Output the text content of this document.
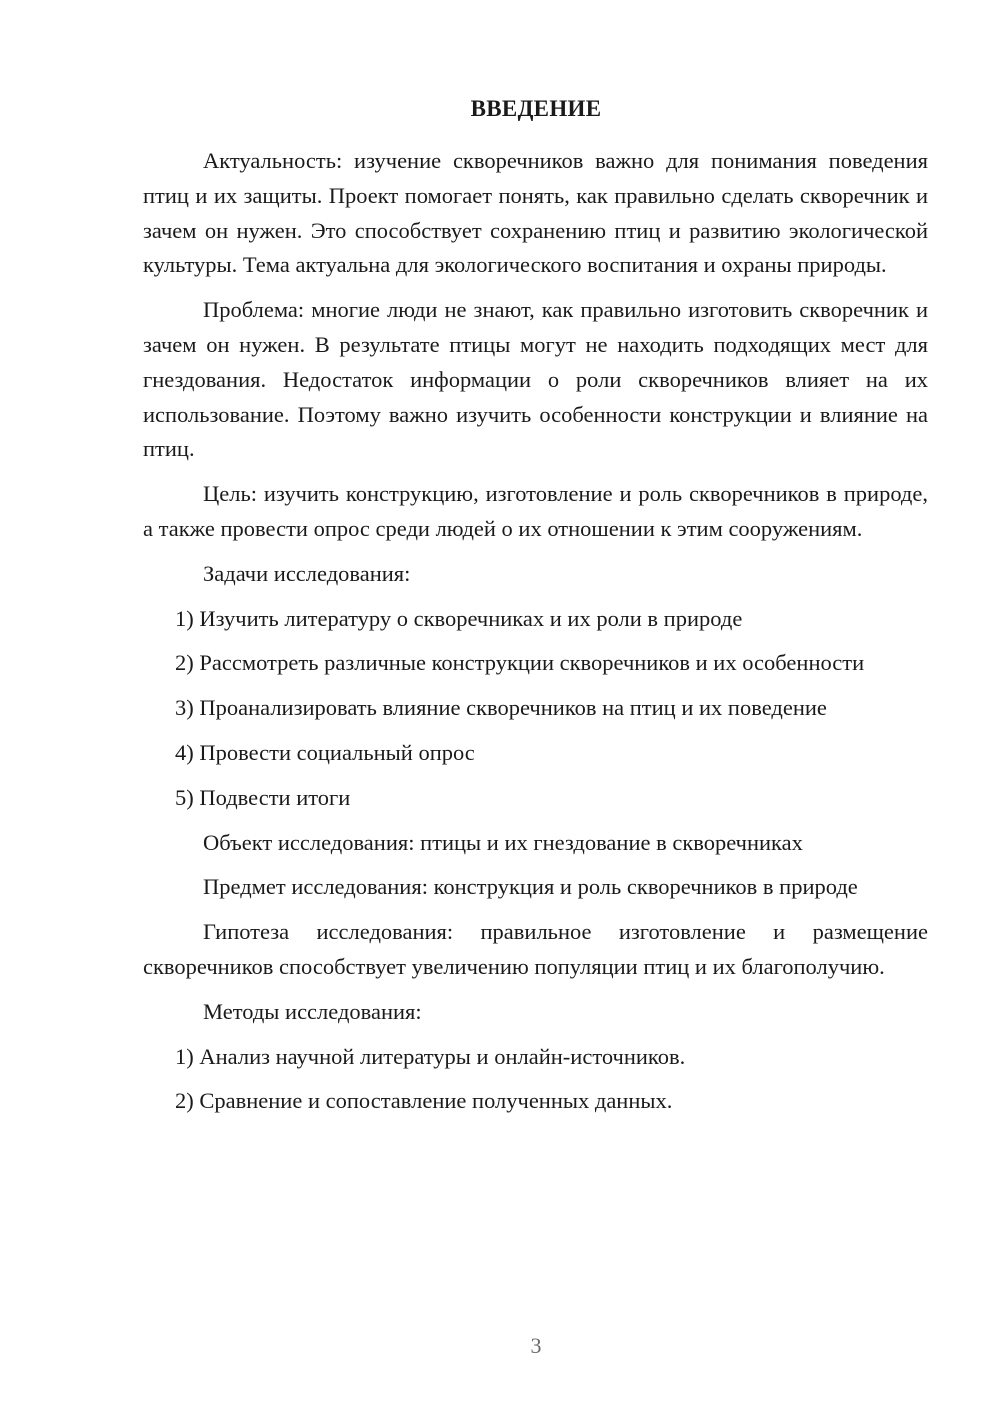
ВВЕДЕНИЕ

Актуальность: изучение скворечников важно для понимания поведения птиц и их защиты. Проект помогает понять, как правильно сделать скворечник и зачем он нужен. Это способствует сохранению птиц и развитию экологической культуры. Тема актуальна для экологического воспитания и охраны природы.

Проблема: многие люди не знают, как правильно изготовить скворечник и зачем он нужен. В результате птицы могут не находить подходящих мест для гнездования. Недостаток информации о роли скворечников влияет на их использование. Поэтому важно изучить особенности конструкции и влияние на птиц.

Цель: изучить конструкцию, изготовление и роль скворечников в природе, а также провести опрос среди людей о их отношении к этим сооружениям.

Задачи исследования:

1) Изучить литературу о скворечниках и их роли в природе

2) Рассмотреть различные конструкции скворечников и их особенности

3) Проанализировать влияние скворечников на птиц и их поведение

4) Провести социальный опрос

5) Подвести итоги

Объект исследования: птицы и их гнездование в скворечниках

Предмет исследования: конструкция и роль скворечников в природе

Гипотеза исследования: правильное изготовление и размещение скворечников способствует увеличению популяции птиц и их благополучию.

Методы исследования:

1) Анализ научной литературы и онлайн-источников.

2) Сравнение и сопоставление полученных данных.

3
